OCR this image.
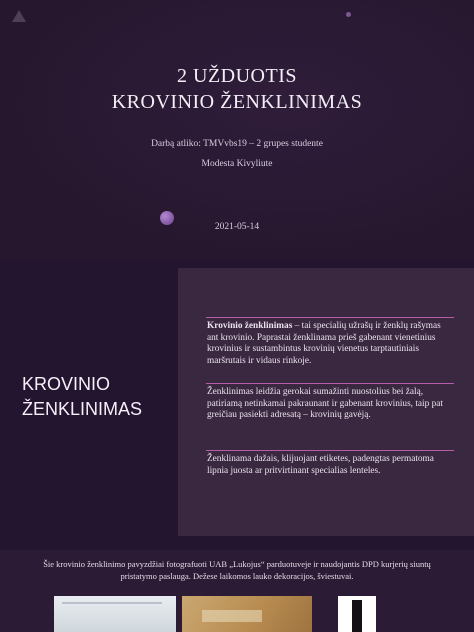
2 UŽDUOTIS
KROVINIO ŽENKLINIMAS
Darbą atliko: TMVvbs19 – 2 grupes studente
Modesta Kivyliute
2021-05-14
KROVINIO
ŽENKLINIMAS
Krovinio ženklinimas – tai specialių užrašų ir ženklų rašymas ant krovinio. Paprastai ženklinama prieš gabenant vienetinius krovinius ir sustambintus krovinių vienetus tarptautiniais maršrutais ir vidaus rinkoje.
Ženklinimas leidžia gerokai sumažinti nuostolius bei žalą, patiriamą netinkamai pakraunant ir gabenant krovinius, taip pat greičiau pasiekti adresatą – krovinių gavėją.
Ženklinama dažais, klijuojant etiketes, padengtas permatoma lipnia juosta ar pritvirtinant specialias lenteles.
Šie krovinio ženklinimo pavyzdžiai fotografuoti UAB „Lukojus“ parduotuveje ir naudojantis DPD kurjerių siuntų pristatymo paslauga. Dežese laikomos lauko dekoracijos, šviestuvai.
